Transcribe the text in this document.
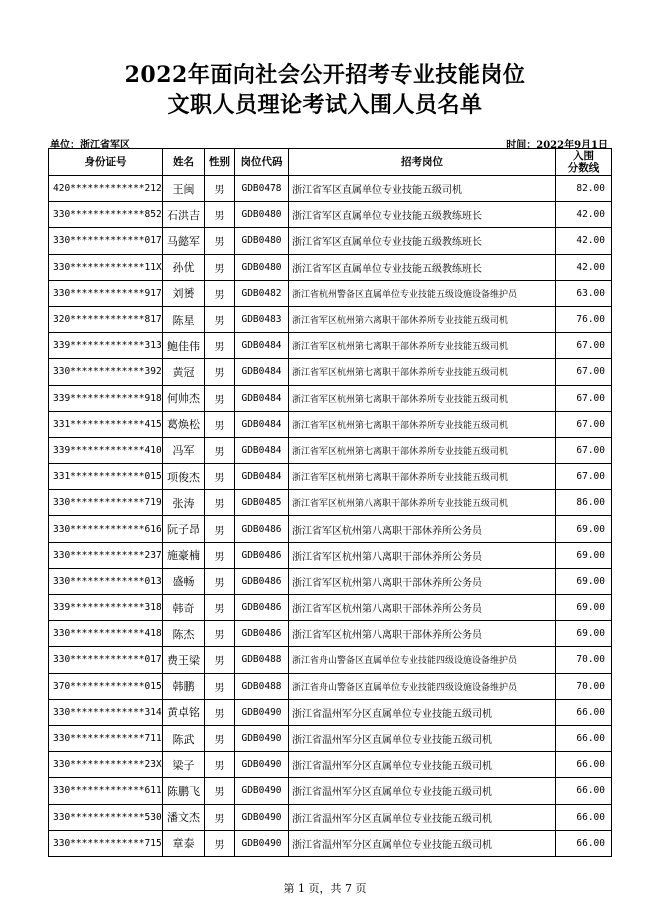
2022年面向社会公开招考专业技能岗位
文职人员理论考试入围人员名单
单位：浙江省军区	时间：2022年9月1日
身份证号	姓名	性别	岗位代码	招考岗位	入围
分数线

420*************212	王闽	男	GDB0478	浙江省军区直属单位专业技能五级司机	82.00
330*************852	石洪吉	男	GDB0480	浙江省军区直属单位专业技能五级教练班长	42.00
330*************017	马懿军	男	GDB0480	浙江省军区直属单位专业技能五级教练班长	42.00
330*************11X	孙优	男	GDB0480	浙江省军区直属单位专业技能五级教练班长	42.00
330*************917	刘赟	男	GDB0482	浙江省杭州警备区直属单位专业技能五级设施设备维护员	63.00
320*************817	陈星	男	GDB0483	浙江省军区杭州第六离职干部休养所专业技能五级司机	76.00
339*************313	鲍佳伟	男	GDB0484	浙江省军区杭州第七离职干部休养所专业技能五级司机	67.00
330*************392	黄冠	男	GDB0484	浙江省军区杭州第七离职干部休养所专业技能五级司机	67.00
339*************918	何帅杰	男	GDB0484	浙江省军区杭州第七离职干部休养所专业技能五级司机	67.00
331*************415	葛焕松	男	GDB0484	浙江省军区杭州第七离职干部休养所专业技能五级司机	67.00
339*************410	冯军	男	GDB0484	浙江省军区杭州第七离职干部休养所专业技能五级司机	67.00
331*************015	项俊杰	男	GDB0484	浙江省军区杭州第七离职干部休养所专业技能五级司机	67.00
330*************719	张涛	男	GDB0485	浙江省军区杭州第八离职干部休养所专业技能五级司机	86.00
330*************616	阮子昂	男	GDB0486	浙江省军区杭州第八离职干部休养所公务员	69.00
330*************237	施豪楠	男	GDB0486	浙江省军区杭州第八离职干部休养所公务员	69.00
330*************013	盛畅	男	GDB0486	浙江省军区杭州第八离职干部休养所公务员	69.00
339*************318	韩奇	男	GDB0486	浙江省军区杭州第八离职干部休养所公务员	69.00
330*************418	陈杰	男	GDB0486	浙江省军区杭州第八离职干部休养所公务员	69.00
330*************017	费王梁	男	GDB0488	浙江省舟山警备区直属单位专业技能四级设施设备维护员	70.00
370*************015	韩鹏	男	GDB0488	浙江省舟山警备区直属单位专业技能四级设施设备维护员	70.00
330*************314	黄卓铭	男	GDB0490	浙江省温州军分区直属单位专业技能五级司机	66.00
330*************711	陈武	男	GDB0490	浙江省温州军分区直属单位专业技能五级司机	66.00
330*************23X	梁子	男	GDB0490	浙江省温州军分区直属单位专业技能五级司机	66.00
330*************611	陈鹏飞	男	GDB0490	浙江省温州军分区直属单位专业技能五级司机	66.00
330*************530	潘文杰	男	GDB0490	浙江省温州军分区直属单位专业技能五级司机	66.00
330*************715	章泰	男	GDB0490	浙江省温州军分区直属单位专业技能五级司机	66.00
第 1 页，共 7 页
